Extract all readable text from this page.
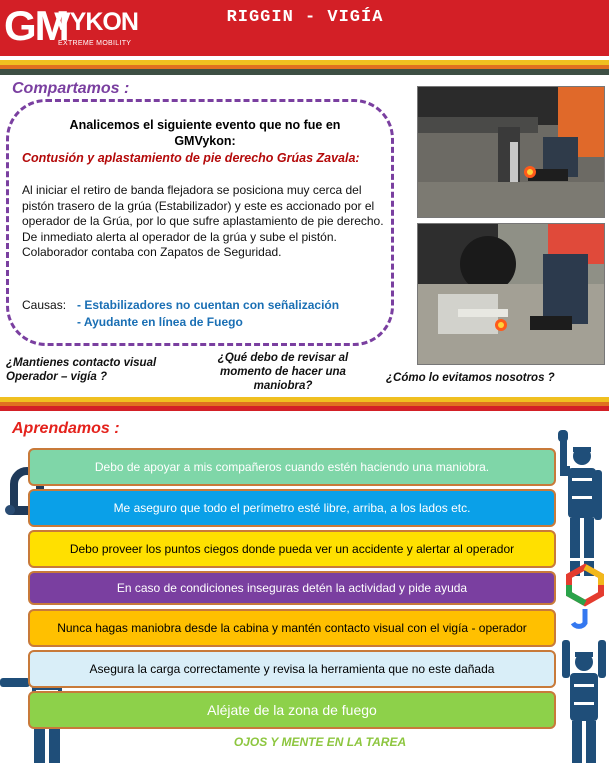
GM
VYKON
EXTREME MOBILITY
RIGGIN - VIGÍA
Compartamos :
Analicemos el siguiente evento que no fue en GMVykon:
Contusión y aplastamiento de pie derecho Grúas Zavala:
Al iniciar el retiro de banda flejadora se posiciona muy cerca del pistón trasero de la grúa (Estabilizador) y este es accionado por el operador de la Grúa, por lo que sufre aplastamiento de pie derecho. De inmediato alerta al operador de la grúa y sube el pistón.
Colaborador contaba con Zapatos de Seguridad.
Causas: - Estabilizadores no cuentan con señalización
- Ayudante en línea de Fuego
¿Mantienes contacto visual Operador – vigía ?
¿Qué debo de revisar al momento de hacer una maniobra?
¿Cómo lo evitamos nosotros ?
Aprendamos :
Debo de apoyar a mis compañeros cuando estén haciendo una maniobra.
Me aseguro que todo el perímetro esté libre, arriba, a los lados etc.
Debo proveer los puntos ciegos donde pueda ver un accidente y alertar al operador
En caso de condiciones inseguras detén la actividad y pide ayuda
Nunca hagas maniobra desde la cabina y mantén contacto visual con el vigía - operador
Asegura la carga correctamente y revisa la herramienta que no este dañada
Aléjate de la zona de fuego
OJOS Y MENTE EN LA TAREA
